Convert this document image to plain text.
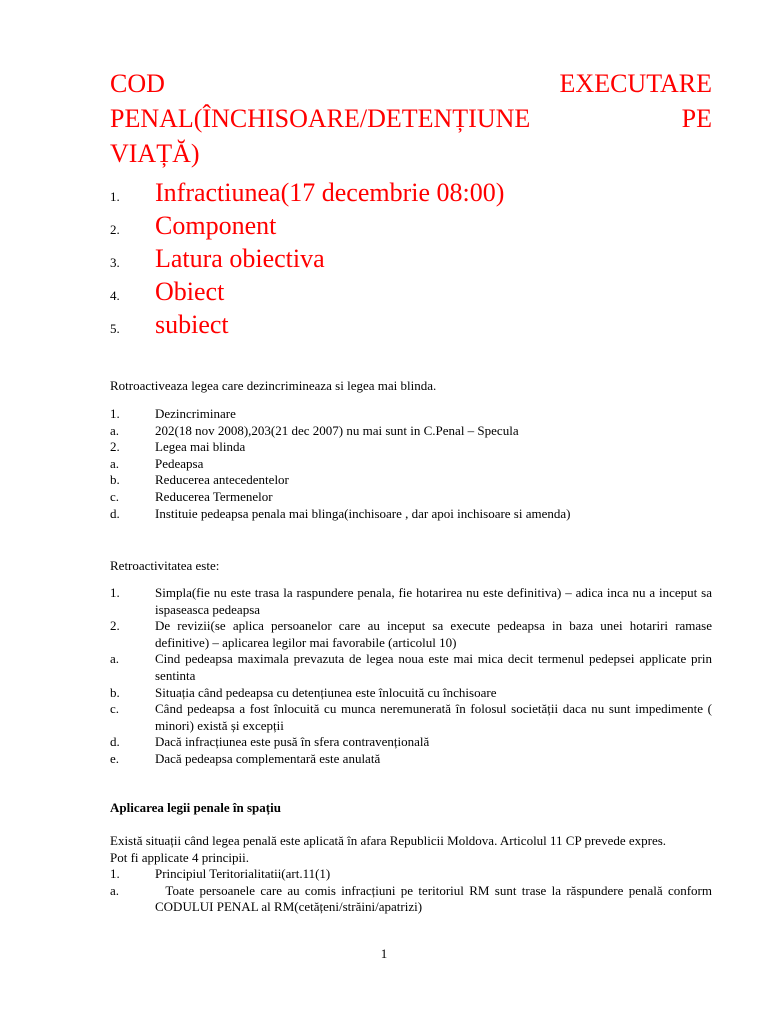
COD	EXECUTARE
PENAL(ÎNCHISOARE/DETENȚIUNE	PE
VIAȚĂ)
1.	Infractiunea(17 decembrie 08:00)
2.	Component
3.	Latura obiectiva
4.	Obiect
5.	subiect

Rotroactiveaza legea care dezincrimineaza si legea mai blinda.

1.	Dezincriminare
a.	202(18 nov 2008),203(21 dec 2007) nu mai sunt in C.Penal – Specula
2.	Legea mai blinda
a.	Pedeapsa
b.	Reducerea antecedentelor
c.	Reducerea Termenelor
d.	Instituie pedeapsa penala mai blinga(inchisoare , dar apoi inchisoare si amenda)

Retroactivitatea este:

1.	Simpla(fie nu este trasa la raspundere penala, fie hotarirea nu este definitiva) – adica inca nu a inceput sa ispaseasca pedeapsa

2.	De revizii(se aplica persoanelor care au inceput sa execute pedeapsa in baza unei hotariri ramase definitive) – aplicarea legilor mai favorabile (articolul 10)

a.	Cind pedeapsa maximala prevazuta de legea noua este mai mica decit termenul pedepsei applicate prin sentinta

b.	Situația când pedeapsa cu detențiunea este înlocuită cu închisoare

c.	Când pedeapsa a fost înlocuită cu munca neremunerată în folosul societății daca nu sunt impedimente ( minori) există și excepții

d.	Dacă infracțiunea este pusă în sfera contravențională

e.	Dacă pedeapsa complementară este anulată

Aplicarea legii penale în spațiu

Există situații când legea penală este aplicată în afara Republicii Moldova. Articolul 11 CP prevede expres.

Pot fi applicate 4 principii.

1.	Principiul Teritorialitatii(art.11(1)

a.	Toate persoanele care au comis infracțiuni pe teritoriul RM sunt trase la răspundere penală conform CODULUI PENAL al RM(cetățeni/străini/apatrizi)

1
